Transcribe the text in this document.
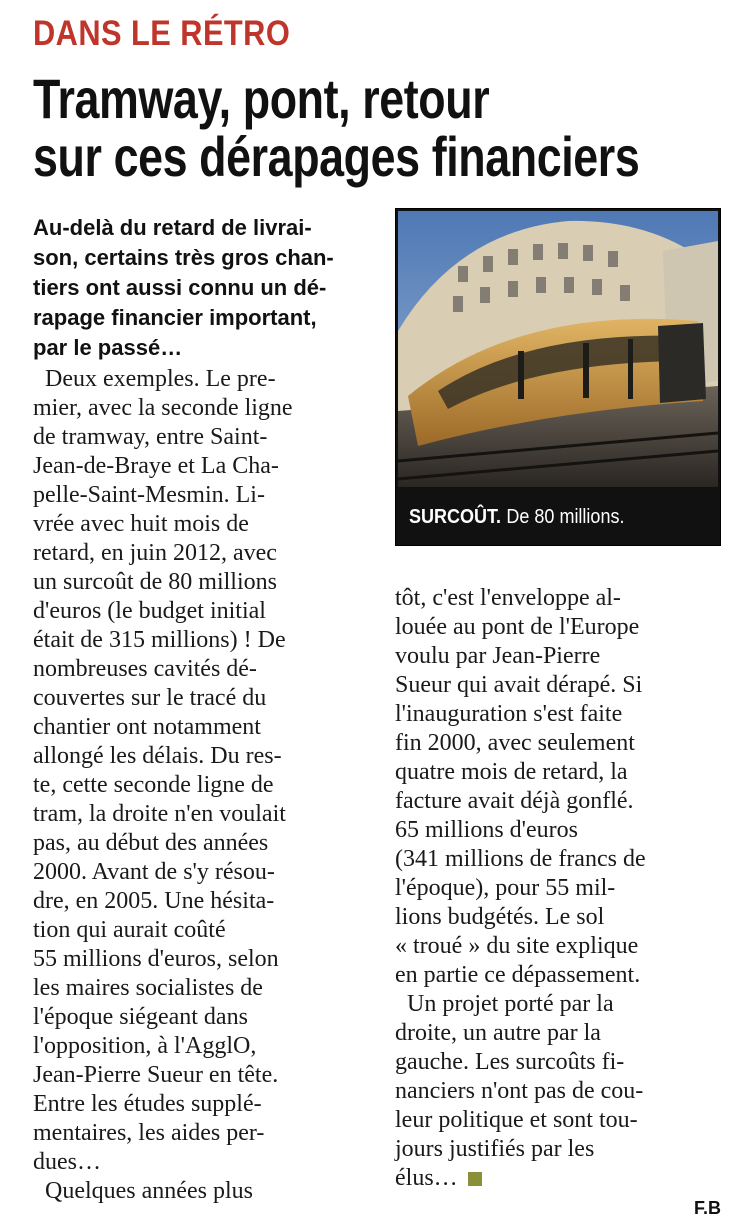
DANS LE RÉTRO
Tramway, pont, retour
sur ces dérapages financiers
Au-delà du retard de livrai-
son, certains très gros chan-
tiers ont aussi connu un dé-
rapage financier important,
par le passé…
Deux exemples. Le pre-
mier, avec la seconde ligne
de tramway, entre Saint-
Jean-de-Braye et La Cha-
pelle-Saint-Mesmin. Li-
vrée avec huit mois de
retard, en juin 2012, avec
un surcoût de 80 millions
d'euros (le budget initial
était de 315 millions) ! De
nombreuses cavités dé-
couvertes sur le tracé du
chantier ont notamment
allongé les délais. Du res-
te, cette seconde ligne de
tram, la droite n'en voulait
pas, au début des années
2000. Avant de s'y résou-
dre, en 2005. Une hésita-
tion qui aurait coûté
55 millions d'euros, selon
les maires socialistes de
l'époque siégeant dans
l'opposition, à l'AgglO,
Jean-Pierre Sueur en tête.
Entre les études supplé-
mentaires, les aides per-
dues…
Quelques années plus
tôt, c'est l'enveloppe al-
louée au pont de l'Europe
voulu par Jean-Pierre
Sueur qui avait dérapé. Si
l'inauguration s'est faite
fin 2000, avec seulement
quatre mois de retard, la
facture avait déjà gonflé.
65 millions d'euros
(341 millions de francs de
l'époque), pour 55 mil-
lions budgétés. Le sol
« troué » du site explique
en partie ce dépassement.
Un projet porté par la
droite, un autre par la
gauche. Les surcoûts fi-
nanciers n'ont pas de cou-
leur politique et sont tou-
jours justifiés par les
élus…
SURCOÛT. De 80 millions.
F.B
